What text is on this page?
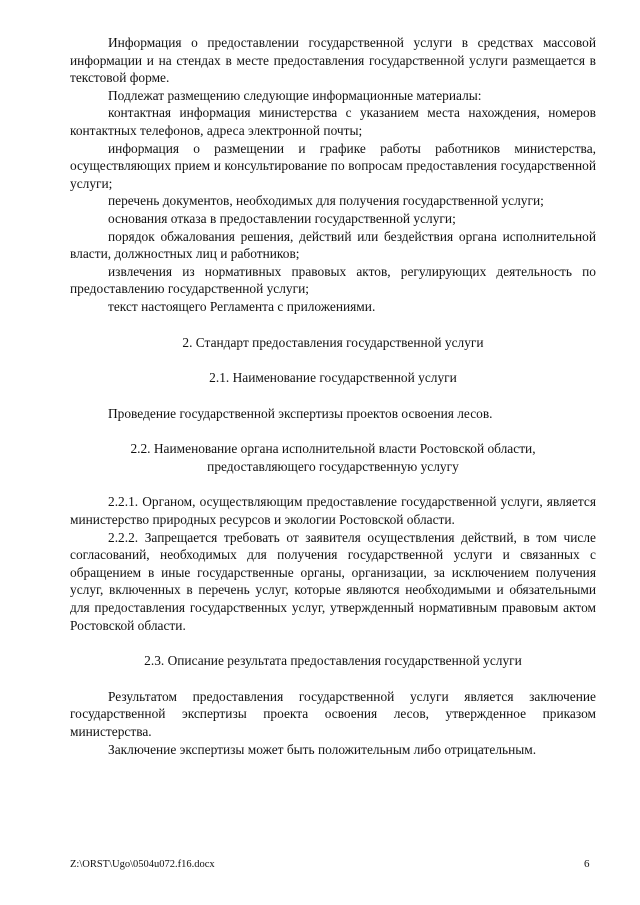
Информация о предоставлении государственной услуги в средствах массовой информации и на стендах в месте предоставления государственной услуги размещается в текстовой форме.

Подлежат размещению следующие информационные материалы:

контактная информация министерства с указанием места нахождения, номеров контактных телефонов, адреса электронной почты;

информация о размещении и графике работы работников министерства, осуществляющих прием и консультирование по вопросам предоставления государственной услуги;

перечень документов, необходимых для получения государственной услуги;

основания отказа в предоставлении государственной услуги;

порядок обжалования решения, действий или бездействия органа исполнительной власти, должностных лиц и работников;

извлечения из нормативных правовых актов, регулирующих деятельность по предоставлению государственной услуги;

текст настоящего Регламента с приложениями.

2. Стандарт предоставления государственной услуги

2.1. Наименование государственной услуги

Проведение государственной экспертизы проектов освоения лесов.

2.2. Наименование органа исполнительной власти Ростовской области,

предоставляющего государственную услугу

2.2.1. Органом, осуществляющим предоставление государственной услуги, является министерство природных ресурсов и экологии Ростовской области.

2.2.2. Запрещается требовать от заявителя осуществления действий, в том числе согласований, необходимых для получения государственной услуги и связанных с обращением в иные государственные органы, организации, за исключением получения услуг, включенных в перечень услуг, которые являются необходимыми и обязательными для предоставления государственных услуг, утвержденный нормативным правовым актом Ростовской области.

2.3. Описание результата предоставления государственной услуги

Результатом предоставления государственной услуги является заключение государственной экспертизы проекта освоения лесов, утвержденное приказом министерства.

Заключение экспертизы может быть положительным либо отрицательным.

Z:\ORST\Ugo\0504u072.f16.docx	6
